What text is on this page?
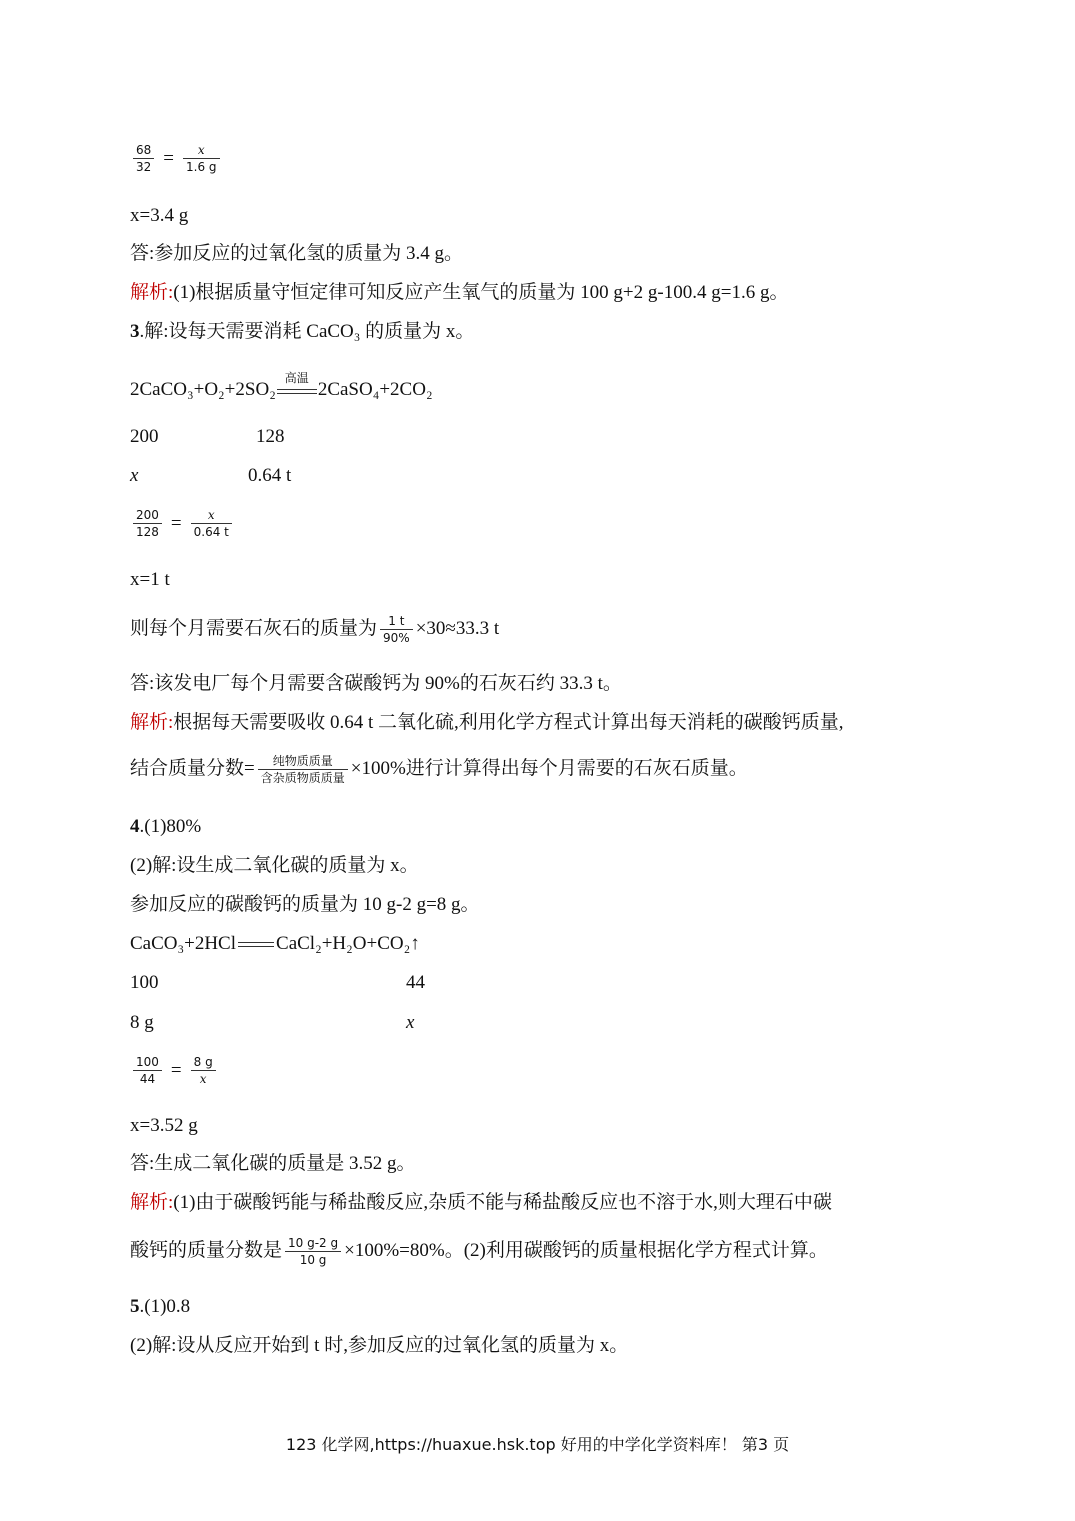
$\frac{68}{32} = \frac{x}{1.6 g}$
x=3.4 g
答:参加反应的过氧化氢的质量为 3.4 g。
解析:(1)根据质量守恒定律可知反应产生氧气的质量为 100 g+2 g-100.4 g=1.6 g。
3.解:设每天需要消耗 CaCO₃ 的质量为 x。
2CaCO₃+O₂+2SO₂
高温
2CaSO₄+2CO₂
200	128
x	0.64 t
$\frac{200}{128} = \frac{x}{0.64 t}$
x=1 t
则每个月需要石灰石的质量为 $\frac{1 t}{90\%} \times 30\approx 33.3$ t
答:该发电厂每个月需要含碳酸钙为 90%的石灰石约 33.3 t。
解析:根据每天需要吸收 0.64 t 二氧化硫,利用化学方程式计算出每天消耗的碳酸钙质量,
结合质量分数= $\frac{\text{纯物质质量}}{\text{含杂质物质质量}} \times 100\%$进行计算得出每个月需要的石灰石质量。
4.(1)80%
(2)解:设生成二氧化碳的质量为 x。
参加反应的碳酸钙的质量为 10 g-2 g=8 g。
CaCO₃+2HCl CaCl₂+H₂O+CO₂↑
100	44
8 g	x
$\frac{100}{44} = \frac{8 g}{x}$
x=3.52 g
答:生成二氧化碳的质量是 3.52 g。
解析:(1)由于碳酸钙能与稀盐酸反应,杂质不能与稀盐酸反应也不溶于水,则大理石中碳
酸钙的质量分数是 $\frac{10 g-2 g}{10 g} \times 100\%=80\%$。(2)利用碳酸钙的质量根据化学方程式计算。
5.(1)0.8
(2)解:设从反应开始到 t 时,参加反应的过氧化氢的质量为 x。
123 化学网,https://huaxue.hsk.top 好用的中学化学资料库！ 第3 页
